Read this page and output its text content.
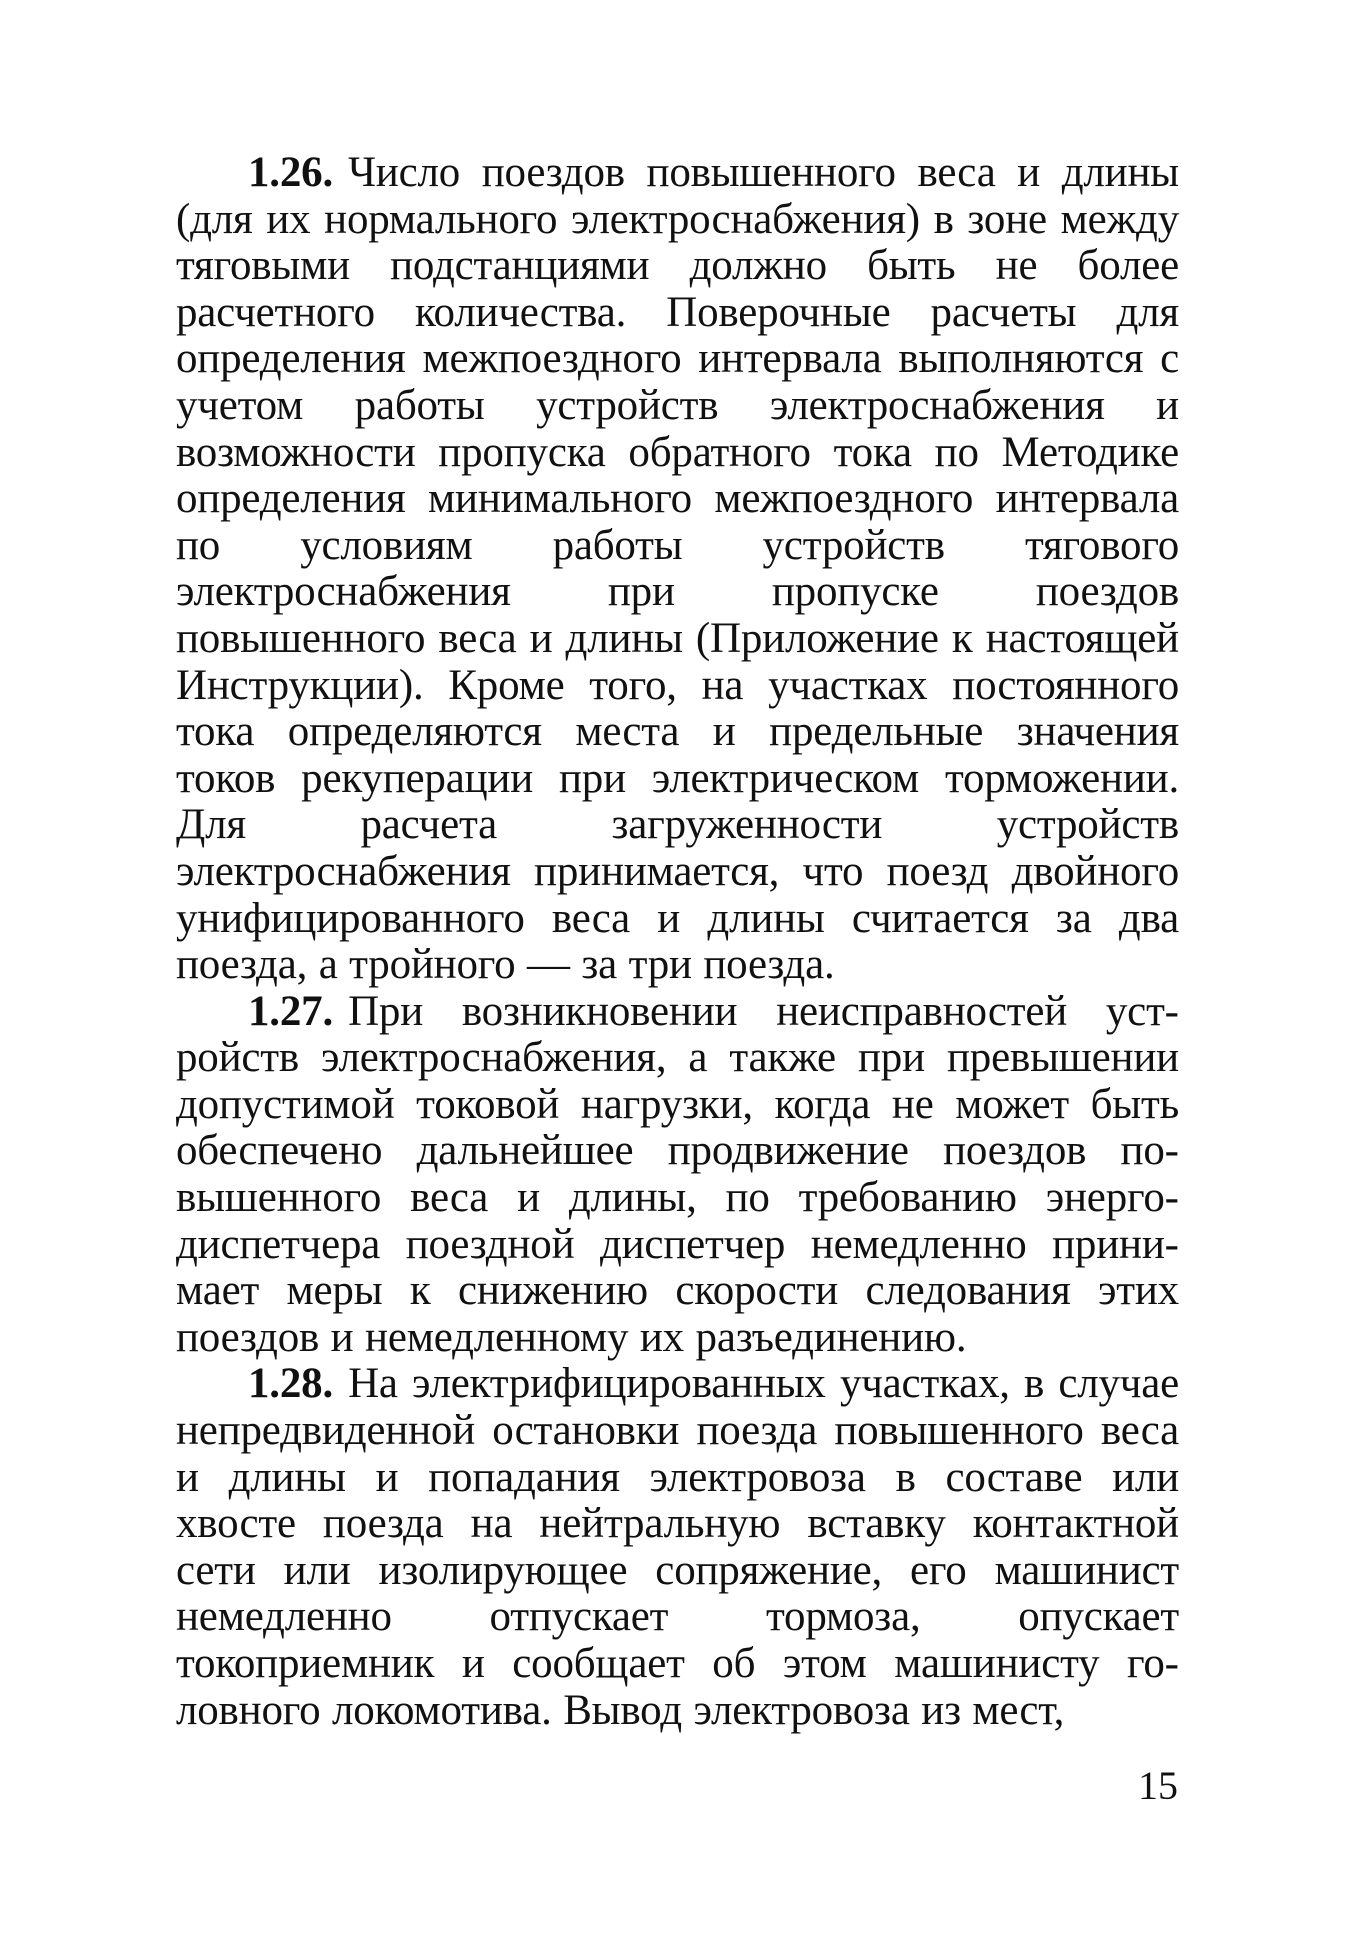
1.26. Число поездов повышенного веса и длины (для их нормального электроснабжения) в зоне между тяговыми подстанциями должно быть не более расчетного количества. Поверочные расчеты для определения межпоездного интервала выполняются с учетом работы устройств электроснабжения и возможности пропуска обратного тока по Методике определения минимального межпоездного интервала по условиям работы устройств тягового электроснабжения при пропуске поездов повышенного веса и длины (Приложение к настоящей Инструкции). Кроме того, на участках постоянного тока определяются места и предельные значения токов рекуперации при электрическом торможении. Для расчета загруженности устройств электроснабжения принимается, что поезд двойного унифицированного веса и длины считается за два поезда, а тройного — за три поезда.

1.27. При возникновении неисправностей устройств электроснабжения, а также при превышении допустимой токовой нагрузки, когда не может быть обеспечено дальнейшее продвижение поездов повышенного веса и длины, по требованию энергодиспетчера поездной диспетчер немедленно принимает меры к снижению скорости следования этих поездов и немедленному их разъединению.

1.28. На электрифицированных участках, в случае непредвиденной остановки поезда повышенного веса и длины и попадания электровоза в составе или хвосте поезда на нейтральную вставку контактной сети или изолирующее сопряжение, его машинист немедленно отпускает тормоза, опускает токоприемник и сообщает об этом машинисту головного локомотива. Вывод электровоза из мест,

15
